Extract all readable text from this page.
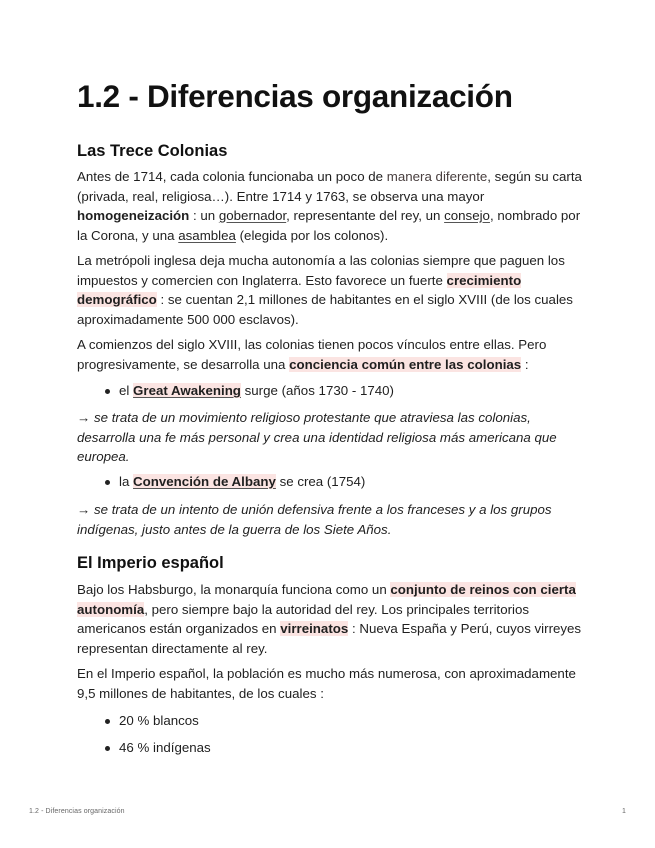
1.2 - Diferencias organización
Las Trece Colonias

Antes de 1714, cada colonia funcionaba un poco de manera diferente, según su carta (privada, real, religiosa…). Entre 1714 y 1763, se observa una mayor homogeneización : un gobernador, representante del rey, un consejo, nombrado por la Corona, y una asamblea (elegida por los colonos).

La metrópoli inglesa deja mucha autonomía a las colonias siempre que paguen los impuestos y comercien con Inglaterra. Esto favorece un fuerte crecimiento demográfico : se cuentan 2,1 millones de habitantes en el siglo XVIII (de los cuales aproximadamente 500 000 esclavos).

A comienzos del siglo XVIII, las colonias tienen pocos vínculos entre ellas. Pero progresivamente, se desarrolla una conciencia común entre las colonias :

el Great Awakening surge (años 1730 - 1740)

→ se trata de un movimiento religioso protestante que atraviesa las colonias, desarrolla una fe más personal y crea una identidad religiosa más americana que europea.

la Convención de Albany se crea (1754)

→ se trata de un intento de unión defensiva frente a los franceses y a los grupos indígenas, justo antes de la guerra de los Siete Años.

El Imperio español

Bajo los Habsburgo, la monarquía funciona como un conjunto de reinos con cierta autonomía, pero siempre bajo la autoridad del rey. Los principales territorios americanos están organizados en virreinatos : Nueva España y Perú, cuyos virreyes representan directamente al rey.

En el Imperio español, la población es mucho más numerosa, con aproximadamente 9,5 millones de habitantes, de los cuales :

20 % blancos
46 % indígenas
1.2 - Diferencias organización	1
